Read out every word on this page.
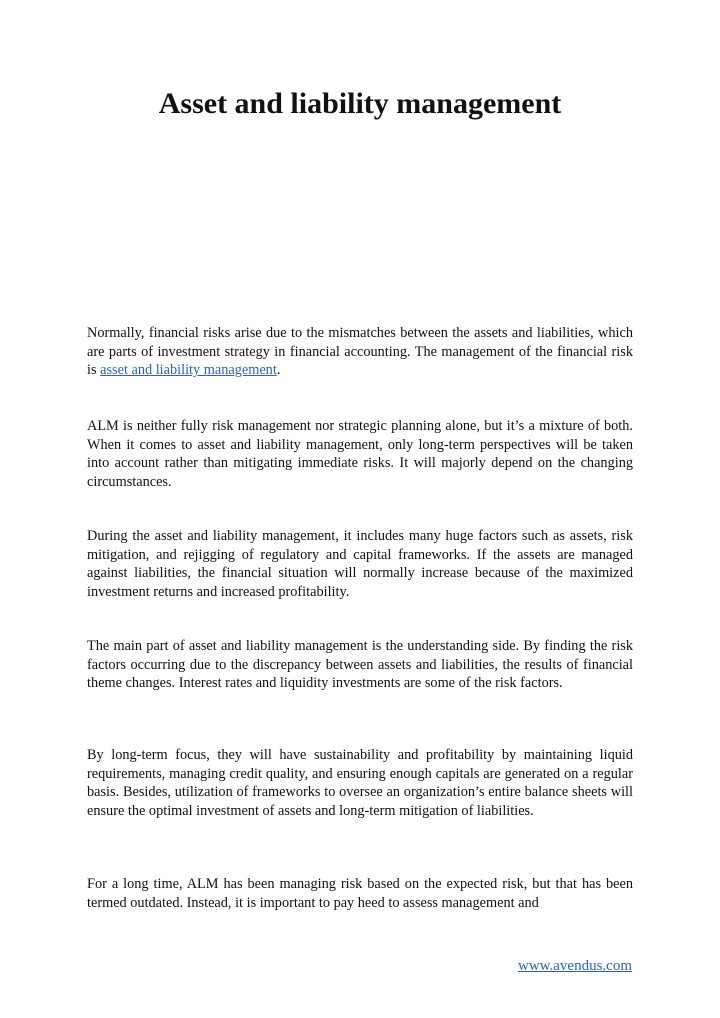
Asset and liability management

Normally, financial risks arise due to the mismatches between the assets and liabilities, which are parts of investment strategy in financial accounting. The management of the financial risk is asset and liability management.

ALM is neither fully risk management nor strategic planning alone, but it’s a mixture of both. When it comes to asset and liability management, only long-term perspectives will be taken into account rather than mitigating immediate risks. It will majorly depend on the changing circumstances.

During the asset and liability management, it includes many huge factors such as assets, risk mitigation, and rejigging of regulatory and capital frameworks. If the assets are managed against liabilities, the financial situation will normally increase because of the maximized investment returns and increased profitability.

The main part of asset and liability management is the understanding side. By finding the risk factors occurring due to the discrepancy between assets and liabilities, the results of financial theme changes. Interest rates and liquidity investments are some of the risk factors.

By long-term focus, they will have sustainability and profitability by maintaining liquid requirements, managing credit quality, and ensuring enough capitals are generated on a regular basis. Besides, utilization of frameworks to oversee an organization’s entire balance sheets will ensure the optimal investment of assets and long-term mitigation of liabilities.

For a long time, ALM has been managing risk based on the expected risk, but that has been termed outdated. Instead, it is important to pay heed to assess management and

www.avendus.com
